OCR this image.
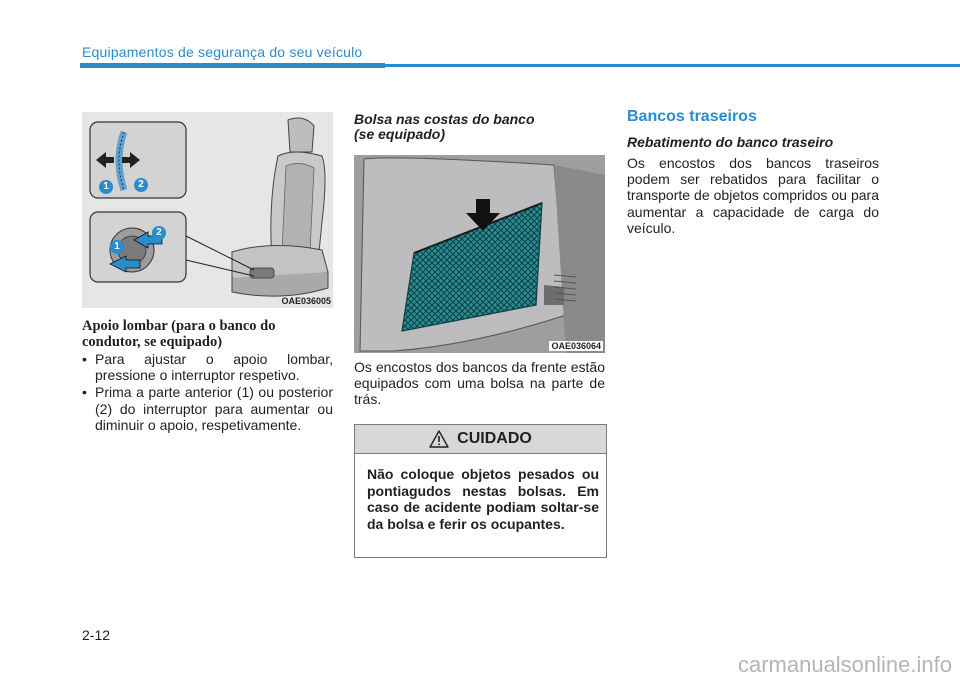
Equipamentos de segurança do seu veículo
1	2
1
2
OAE036005
Apoio lombar (para o banco do
condutor, se equipado)
• Para ajustar o apoio lombar, pressione o interruptor respetivo.
• Prima a parte anterior (1) ou posterior (2) do interruptor para aumentar ou diminuir o apoio, respetivamente.
Bolsa nas costas do banco
(se equipado)
OAE036064
Os encostos dos bancos da frente estão equipados com uma bolsa na parte de trás.
CUIDADO
Não coloque objetos pesados ou pontiagudos nestas bolsas. Em caso de acidente podiam soltar-se da bolsa e ferir os ocupantes.
Bancos traseiros
Rebatimento do banco traseiro
Os encostos dos bancos traseiros podem ser rebatidos para facilitar o transporte de objetos compridos ou para aumentar a capacidade de carga do veículo.
2-12
carmanualsonline.info
